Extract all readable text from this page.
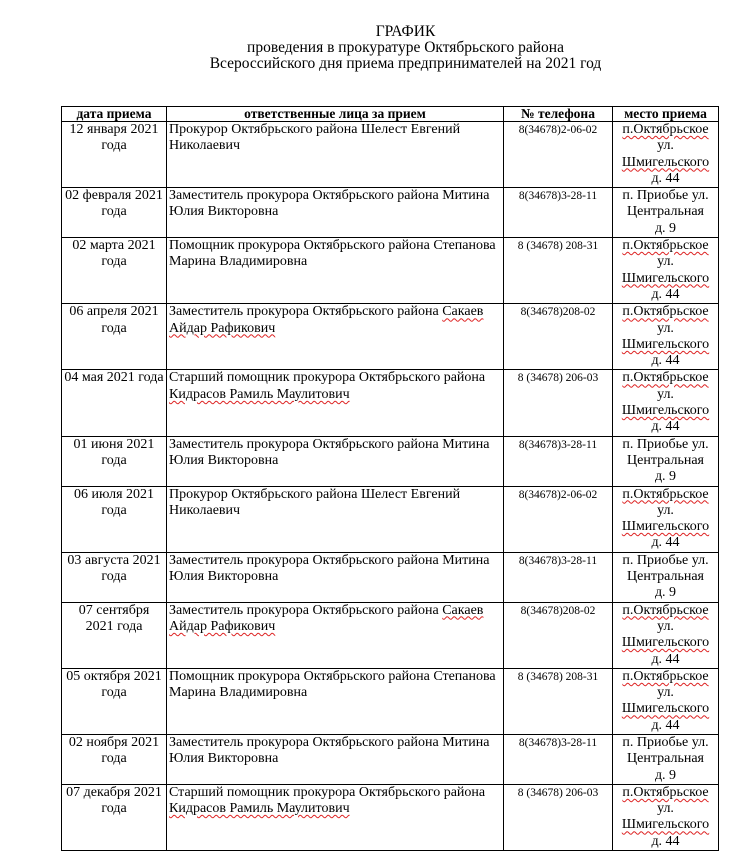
ГРАФИК
проведения в прокуратуре Октябрьского района
Всероссийского дня приема предпринимателей на 2021 год
дата приема	ответственные лица за прием	№ телефона	место приема
12 января 2021 года	Прокурор Октябрьского района Шелест Евгений Николаевич	8(34678)2-06-02	п.Октябрьское
ул.
Шмигельского
д. 44

02 февраля 2021 года	Заместитель прокурора Октябрьского района Митина Юлия Викторовна	8(34678)3-28-11	п. Приобье ул.
Центральная
д. 9

02 марта 2021 года	Помощник прокурора Октябрьского района Степанова Марина Владимировна	8 (34678) 208-31	п.Октябрьское
ул.
Шмигельского
д. 44

06 апреля 2021 года	Заместитель прокурора Октябрьского района Сакаев Айдар Рафикович	8(34678)208-02	п.Октябрьское
ул.
Шмигельского
д. 44

04 мая 2021 года	Старший помощник прокурора Октябрьского района Кидрасов Рамиль Маулитович	8 (34678) 206-03	п.Октябрьское
ул.
Шмигельского
д. 44

01 июня 2021 года	Заместитель прокурора Октябрьского района Митина Юлия Викторовна	8(34678)3-28-11	п. Приобье ул.
Центральная
д. 9

06 июля 2021 года	Прокурор Октябрьского района Шелест Евгений Николаевич	8(34678)2-06-02	п.Октябрьское
ул.
Шмигельского
д. 44

03 августа 2021 года	Заместитель прокурора Октябрьского района Митина Юлия Викторовна	8(34678)3-28-11	п. Приобье ул.
Центральная
д. 9

07 сентября 2021 года	Заместитель прокурора Октябрьского района Сакаев Айдар Рафикович	8(34678)208-02	п.Октябрьское
ул.
Шмигельского
д. 44

05 октября 2021 года	Помощник прокурора Октябрьского района Степанова Марина Владимировна	8 (34678) 208-31	п.Октябрьское
ул.
Шмигельского
д. 44

02 ноября 2021 года	Заместитель прокурора Октябрьского района Митина Юлия Викторовна	8(34678)3-28-11	п. Приобье ул.
Центральная
д. 9

07 декабря 2021 года	Старший помощник прокурора Октябрьского района Кидрасов Рамиль Маулитович	8 (34678) 206-03	п.Октябрьское
ул.
Шмигельского
д. 44
